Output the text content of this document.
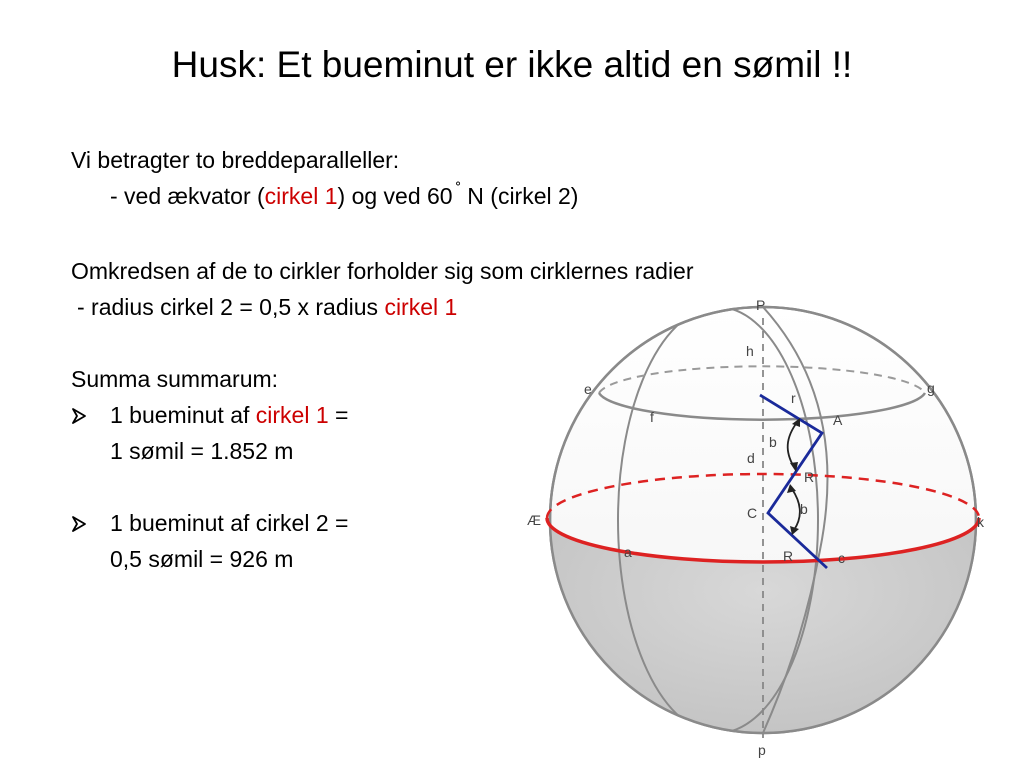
Husk: Et bueminut er ikke altid en sømil !!
Vi betragter to breddeparalleller:
- ved ækvator (cirkel 1) og ved 60 ˚ N (cirkel 2)
Omkredsen af de to cirkler forholder sig som cirklernes radier
- radius cirkel 2 = 0,5 x radius cirkel 1
Summa summarum:
1 bueminut af cirkel 1 =
1 sømil = 1.852 m
1 bueminut af cirkel 2 =
0,5 sømil = 926 m
P
h
e	g
f
r
A
b
d
R
Æ	k
C	b
a	R	c
p
